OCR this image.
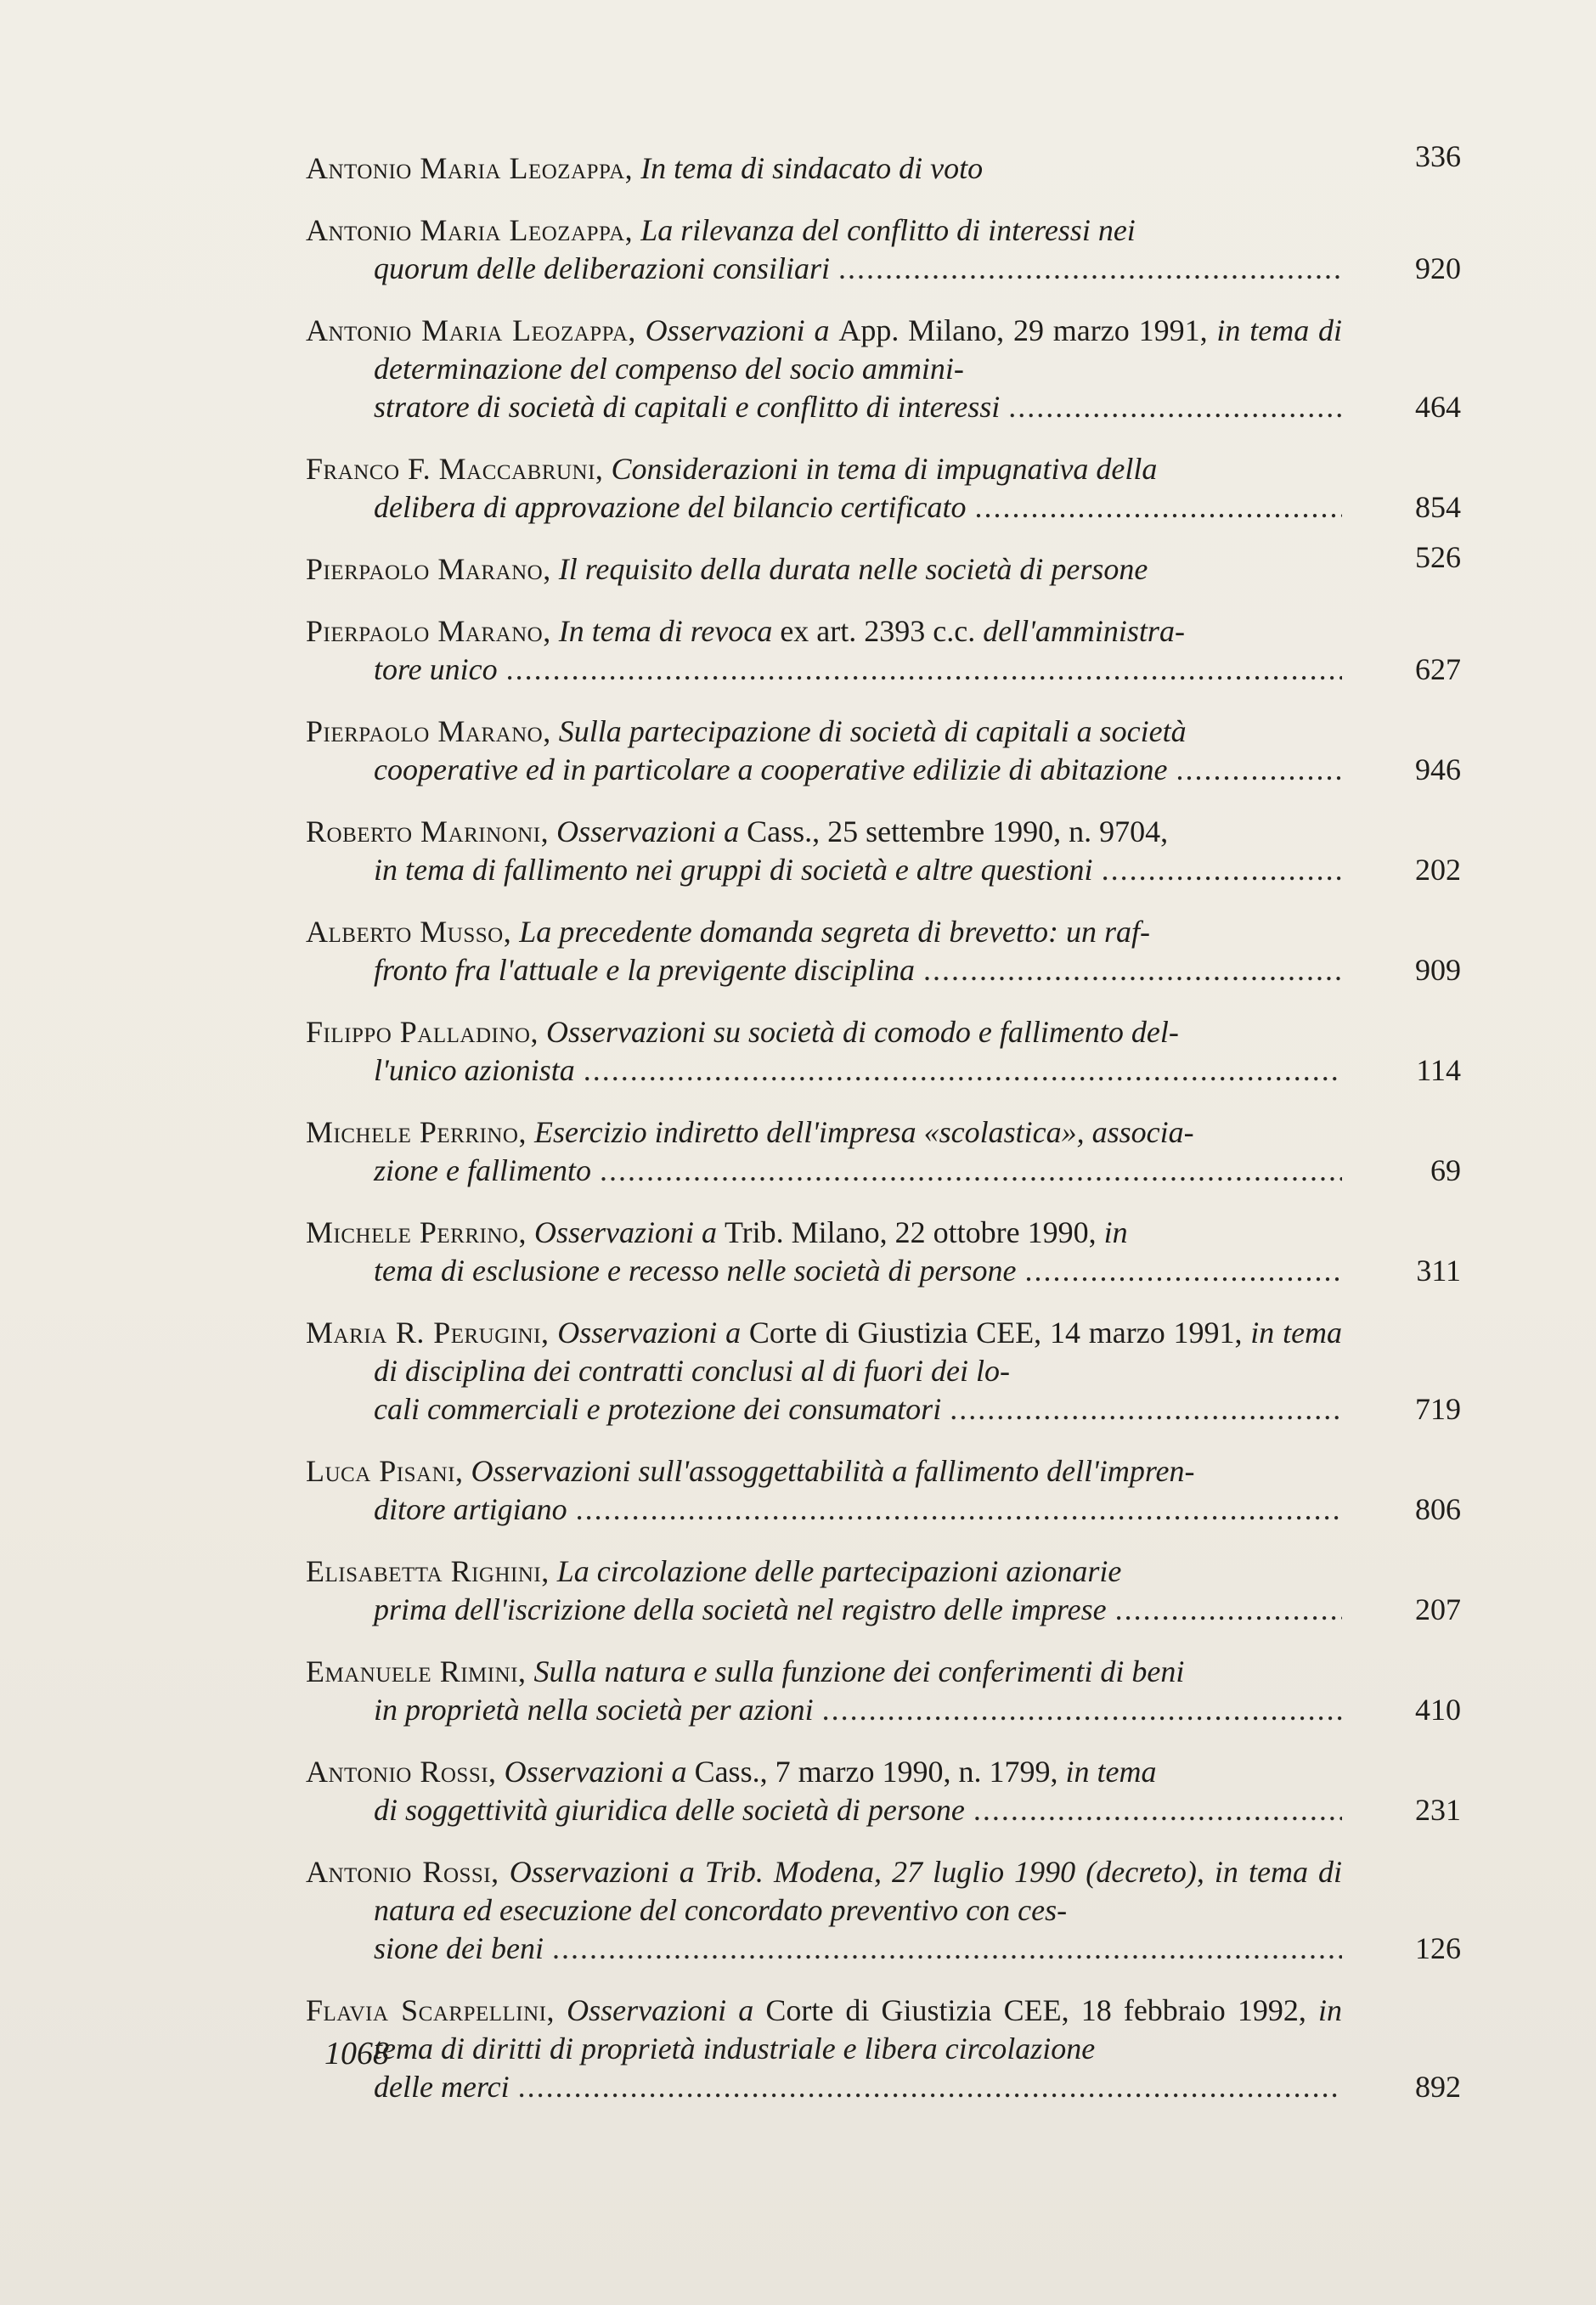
Antonio Maria Leozappa, In tema di sindacato di voto	336
Antonio Maria Leozappa, La rilevanza del conflitto di interessi nei
quorum delle deliberazioni consiliari .....	920
Antonio Maria Leozappa, Osservazioni a App. Milano, 29 marzo 1991, in tema di determinazione del compenso del socio ammini-
stratore di società di capitali e conflitto di interessi .....	464
Franco F. Maccabruni, Considerazioni in tema di impugnativa della
delibera di approvazione del bilancio certificato .....	854
Pierpaolo Marano, Il requisito della durata nelle società di persone	526
Pierpaolo Marano, In tema di revoca ex art. 2393 c.c. dell'amministra-
tore unico .....	627
Pierpaolo Marano, Sulla partecipazione di società di capitali a società
cooperative ed in particolare a cooperative edilizie di abitazione .....	946
Roberto Marinoni, Osservazioni a Cass., 25 settembre 1990, n. 9704,
in tema di fallimento nei gruppi di società e altre questioni .....	202
Alberto Musso, La precedente domanda segreta di brevetto: un raf-
fronto fra l'attuale e la previgente disciplina .....	909
Filippo Palladino, Osservazioni su società di comodo e fallimento del-
l'unico azionista .....	114
Michele Perrino, Esercizio indiretto dell'impresa «scolastica», associa-
zione e fallimento .....	69
Michele Perrino, Osservazioni a Trib. Milano, 22 ottobre 1990, in
tema di esclusione e recesso nelle società di persone .....	311
Maria R. Perugini, Osservazioni a Corte di Giustizia CEE, 14 marzo 1991, in tema di disciplina dei contratti conclusi al di fuori dei lo-
cali commerciali e protezione dei consumatori .....	719
Luca Pisani, Osservazioni sull'assoggettabilità a fallimento dell'impren-
ditore artigiano .....	806
Elisabetta Righini, La circolazione delle partecipazioni azionarie
prima dell'iscrizione della società nel registro delle imprese .....	207
Emanuele Rimini, Sulla natura e sulla funzione dei conferimenti di beni
in proprietà nella società per azioni .....	410
Antonio Rossi, Osservazioni a Cass., 7 marzo 1990, n. 1799, in tema
di soggettività giuridica delle società di persone .....	231
Antonio Rossi, Osservazioni a Trib. Modena, 27 luglio 1990 (decreto), in tema di natura ed esecuzione del concordato preventivo con ces-
sione dei beni .....	126
Flavia Scarpellini, Osservazioni a Corte di Giustizia CEE, 18 febbraio 1992, in tema di diritti di proprietà industriale e libera circolazione
delle merci .....	892
1068
